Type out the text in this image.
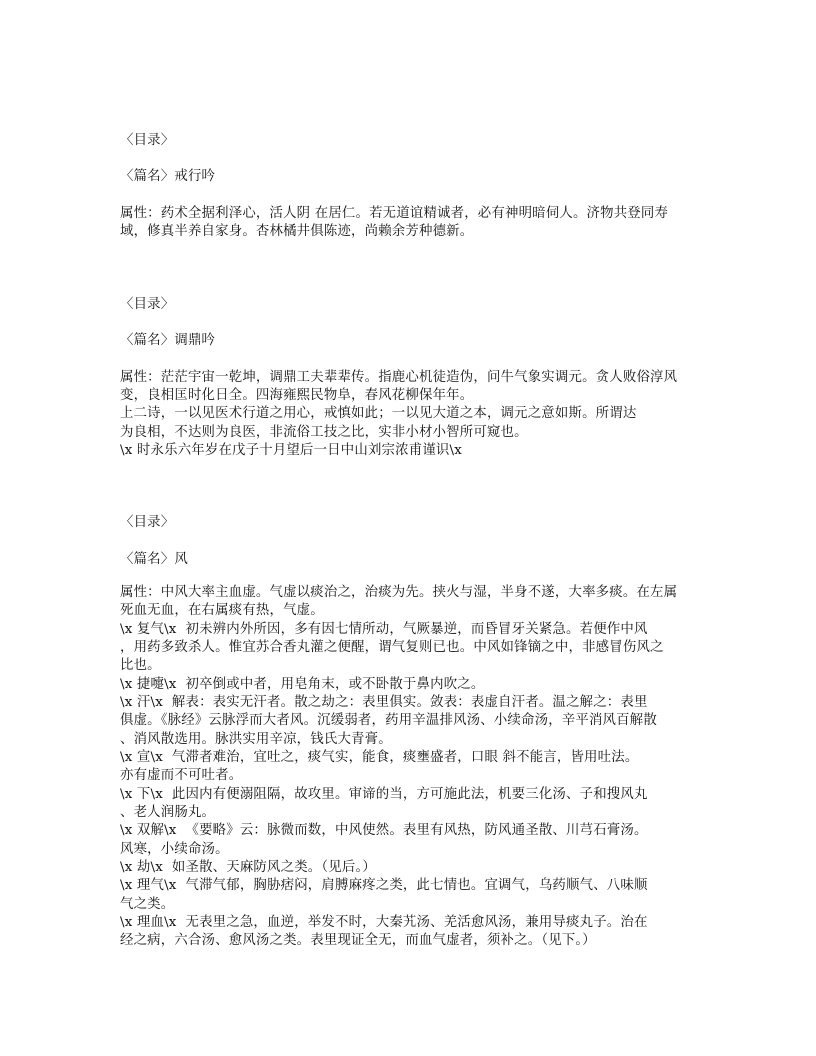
〈目录〉
〈篇名〉戒行吟
属性：药术全据利泽心，活人阴 在居仁。若无道谊精诚者，必有神明暗伺人。济物共登同寿
域，修真半养自家身。杏林橘井俱陈迹，尚赖余芳种德新。
〈目录〉
〈篇名〉调鼎吟
属性：茫茫宇宙一乾坤，调鼎工夫辈辈传。指鹿心机徒造伪，问牛气象实调元。贪人败俗淳风
变，良相匡时化日全。四海雍熙民物阜，春风花柳保年年。
上二诗，一以见医术行道之用心，戒慎如此；一以见大道之本，调元之意如斯。所谓达
为良相，不达则为良医，非流俗工技之比，实非小材小智所可窥也。
\x 时永乐六年岁在戊子十月望后一日中山刘宗浓甫谨识\x
〈目录〉
〈篇名〉风
属性：中风大率主血虚。气虚以痰治之，治痰为先。挟火与湿，半身不遂，大率多痰。在左属
死血无血，在右属痰有热，气虚。
\x 复气\x  初未辨内外所因，多有因七情所动，气厥暴逆，而昏冒牙关紧急。若便作中风
，用药多致杀人。惟宜苏合香丸灌之便醒，谓气复则已也。中风如锋镝之中，非感冒伤风之
比也。
\x 捷嚏\x  初卒倒或中者，用皂角末，或不卧散于鼻内吹之。
\x 汗\x  解表：表实无汗者。散之劫之：表里俱实。敛表：表虚自汗者。温之解之：表里
俱虚。《脉经》云脉浮而大者风。沉缓弱者，药用辛温排风汤、小续命汤，辛平消风百解散
、消风散选用。脉洪实用辛凉，钱氏大青膏。
\x 宣\x  气滞者难治，宜吐之，痰气实，能食，痰壅盛者，口眼 斜不能言，皆用吐法。
亦有虚而不可吐者。
\x 下\x  此因内有便溺阻隔，故攻里。审谛的当，方可施此法，机要三化汤、子和搜风丸
、老人润肠丸。
\x 双解\x  《要略》云：脉微而数，中风使然。表里有风热，防风通圣散、川芎石膏汤。
风寒，小续命汤。
\x 劫\x  如圣散、天麻防风之类。（见后。）
\x 理气\x  气滞气郁，胸胁痞闷，肩膊麻疼之类，此七情也。宜调气，乌药顺气、八味顺
气之类。
\x 理血\x  无表里之急，血逆，举发不时，大秦艽汤、羌活愈风汤，兼用导痰丸子。治在
经之病，六合汤、愈风汤之类。表里现证全无，而血气虚者，须补之。（见下。）
